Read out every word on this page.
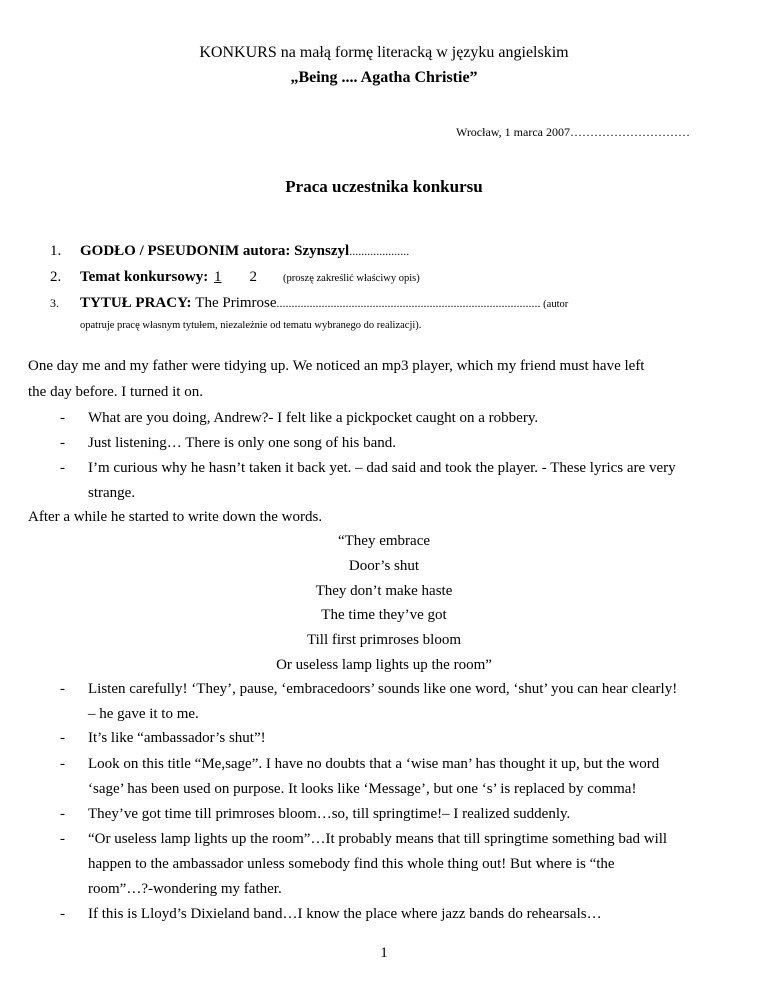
KONKURS na małą formę literacką w języku angielskim
„Being .... Agatha Christie”
Wrocław, 1 marca 2007…………………………
Praca uczestnika konkursu
1. GODŁO / PSEUDONIM autora: Szynszyl....................
2. Temat konkursowy: 1 2 (proszę zakreślić właściwy opis)
3. TYTUŁ PRACY: The Primrose........................................................................................ (autor
opatruje pracę własnym tytułem, niezależnie od tematu wybranego do realizacji).
One day me and my father were tidying up. We noticed an mp3 player, which my friend must have left
the day before. I turned it on.
- What are you doing, Andrew?- I felt like a pickpocket caught on a robbery.
- Just listening… There is only one song of his band.
- I’m curious why he hasn’t taken it back yet. – dad said and took the player. - These lyrics are very
strange.
After a while he started to write down the words.
“They embrace
Door’s shut
They don’t make haste
The time they’ve got
Till first primroses bloom
Or useless lamp lights up the room”
- Listen carefully! ‘They’, pause, ‘embracedoors’ sounds like one word, ‘shut’ you can hear clearly!
– he gave it to me.
- It’s like “ambassador’s shut”!
- Look on this title “Me,sage”. I have no doubts that a ‘wise man’ has thought it up, but the word
‘sage’ has been used on purpose. It looks like ‘Message’, but one ‘s’ is replaced by comma!
- They’ve got time till primroses bloom…so, till springtime!– I realized suddenly.
- “Or useless lamp lights up the room”…It probably means that till springtime something bad will
happen to the ambassador unless somebody find this whole thing out! But where is “the
room”…?-wondering my father.
- If this is Lloyd’s Dixieland band…I know the place where jazz bands do rehearsals…
1
